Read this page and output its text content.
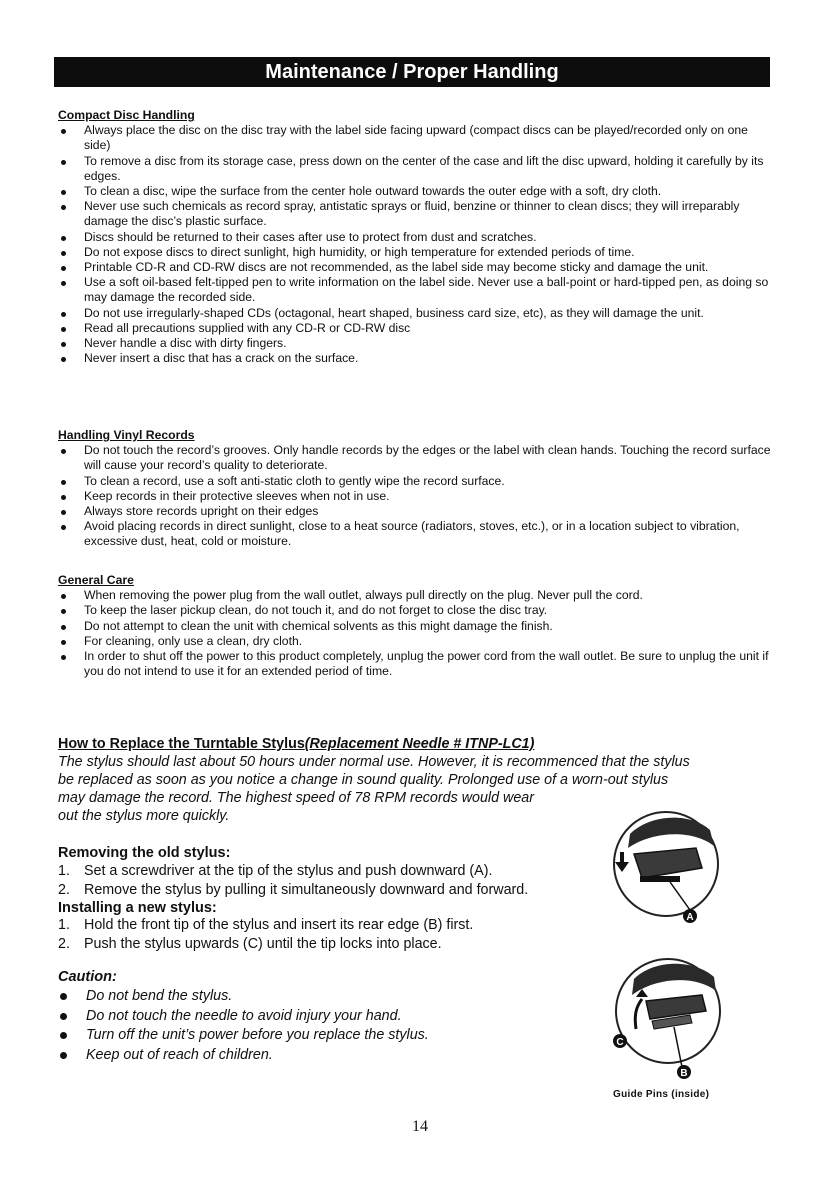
Maintenance / Proper Handling
Compact Disc Handling
Always place the disc on the disc tray with the label side facing upward (compact discs can be played/recorded only on one side)
To remove a disc from its storage case, press down on the center of the case and lift the disc upward, holding it carefully by its edges.
To clean a disc, wipe the surface from the center hole outward towards the outer edge with a soft, dry cloth.
Never use such chemicals as record spray, antistatic sprays or fluid, benzine or thinner to clean discs; they will irreparably damage the disc’s plastic surface.
Discs should be returned to their cases after use to protect from dust and scratches.
Do not expose discs to direct sunlight, high humidity, or high temperature for extended periods of time.
Printable CD-R and CD-RW discs are not recommended, as the label side may become sticky and damage the unit.
Use a soft oil-based felt-tipped pen to write information on the label side. Never use a ball-point or hard-tipped pen, as doing so may damage the recorded side.
Do not use irregularly-shaped CDs (octagonal, heart shaped, business card size, etc), as they will damage the unit.
Read all precautions supplied with any CD-R or CD-RW disc
Never handle a disc with dirty fingers.
Never insert a disc that has a crack on the surface.
Handling Vinyl Records
Do not touch the record’s grooves. Only handle records by the edges or the label with clean hands. Touching the record surface will cause your record’s quality to deteriorate.
To clean a record, use a soft anti-static cloth to gently wipe the record surface.
Keep records in their protective sleeves when not in use.
Always store records upright on their edges
Avoid placing records in direct sunlight, close to a heat source (radiators, stoves, etc.), or in a location subject to vibration, excessive dust, heat, cold or moisture.
General Care
When removing the power plug from the wall outlet, always pull directly on the plug. Never pull the cord.
To keep the laser pickup clean, do not touch it, and do not forget to close the disc tray.
Do not attempt to clean the unit with chemical solvents as this might damage the finish.
For cleaning, only use a clean, dry cloth.
In order to shut off the power to this product completely, unplug the power cord from the wall outlet. Be sure to unplug the unit if you do not intend to use it for an extended period of time.
How to Replace the Turntable Stylus(Replacement Needle # ITNP-LC1)
The stylus should last about 50 hours under normal use. However, it is recommenced that the stylus
be replaced as soon as you notice a change in sound quality. Prolonged use of a worn-out stylus
may damage the record. The highest speed of 78 RPM records would wear
out the stylus more quickly.
Removing the old stylus:
1. Set a screwdriver at the tip of the stylus and push downward (A).
2. Remove the stylus by pulling it simultaneously downward and forward.
Installing a new stylus:
1. Hold the front tip of the stylus and insert its rear edge (B) first.
2. Push the stylus upwards (C) until the tip locks into place.
Caution:
Do not bend the stylus.
Do not touch the needle to avoid injury your hand.
Turn off the unit’s power before you replace the stylus.
Keep out of reach of children.
A
C
B
Guide Pins (inside)
14
